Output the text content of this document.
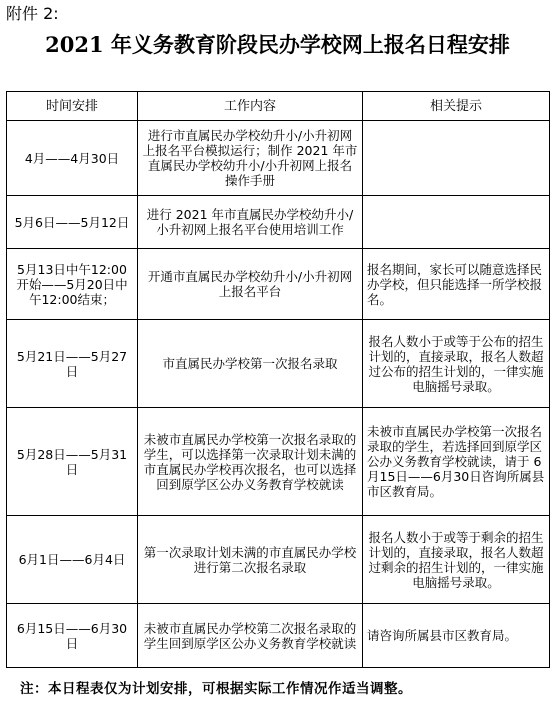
附件 2:
2021 年义务教育阶段民办学校网上报名日程安排
时间安排	工作内容	相关提示
4月——4月30日	进行市直属民办学校幼升小/小升初网上报名平台模拟运行；制作 2021 年市直属民办学校幼升小/小升初网上报名操作手册	
5月6日——5月12日	进行 2021 年市直属民办学校幼升小/小升初网上报名平台使用培训工作	
5月13日中午12:00开始——5月20日中午12:00结束；	开通市直属民办学校幼升小/小升初网上报名平台	报名期间，家长可以随意选择民办学校，但只能选择一所学校报名。
5月21日——5月27日	市直属民办学校第一次报名录取	报名人数小于或等于公布的招生计划的，直接录取，报名人数超过公布的招生计划的，一律实施电脑摇号录取。
5月28日——5月31日	未被市直属民办学校第一次报名录取的学生，可以选择第一次录取计划未满的市直属民办学校再次报名，也可以选择回到原学区公办义务教育学校就读	未被市直属民办学校第一次报名录取的学生，若选择回到原学区公办义务教育学校就读，请于 6月15日——6月30日咨询所属县市区教育局。
6月1日——6月4日	第一次录取计划未满的市直属民办学校进行第二次报名录取	报名人数小于或等于剩余的招生计划的，直接录取，报名人数超过剩余的招生计划的，一律实施电脑摇号录取。
6月15日——6月30日	未被市直属民办学校第二次报名录取的学生回到原学区公办义务教育学校就读	请咨询所属县市区教育局。
注：本日程表仅为计划安排，可根据实际工作情况作适当调整。
